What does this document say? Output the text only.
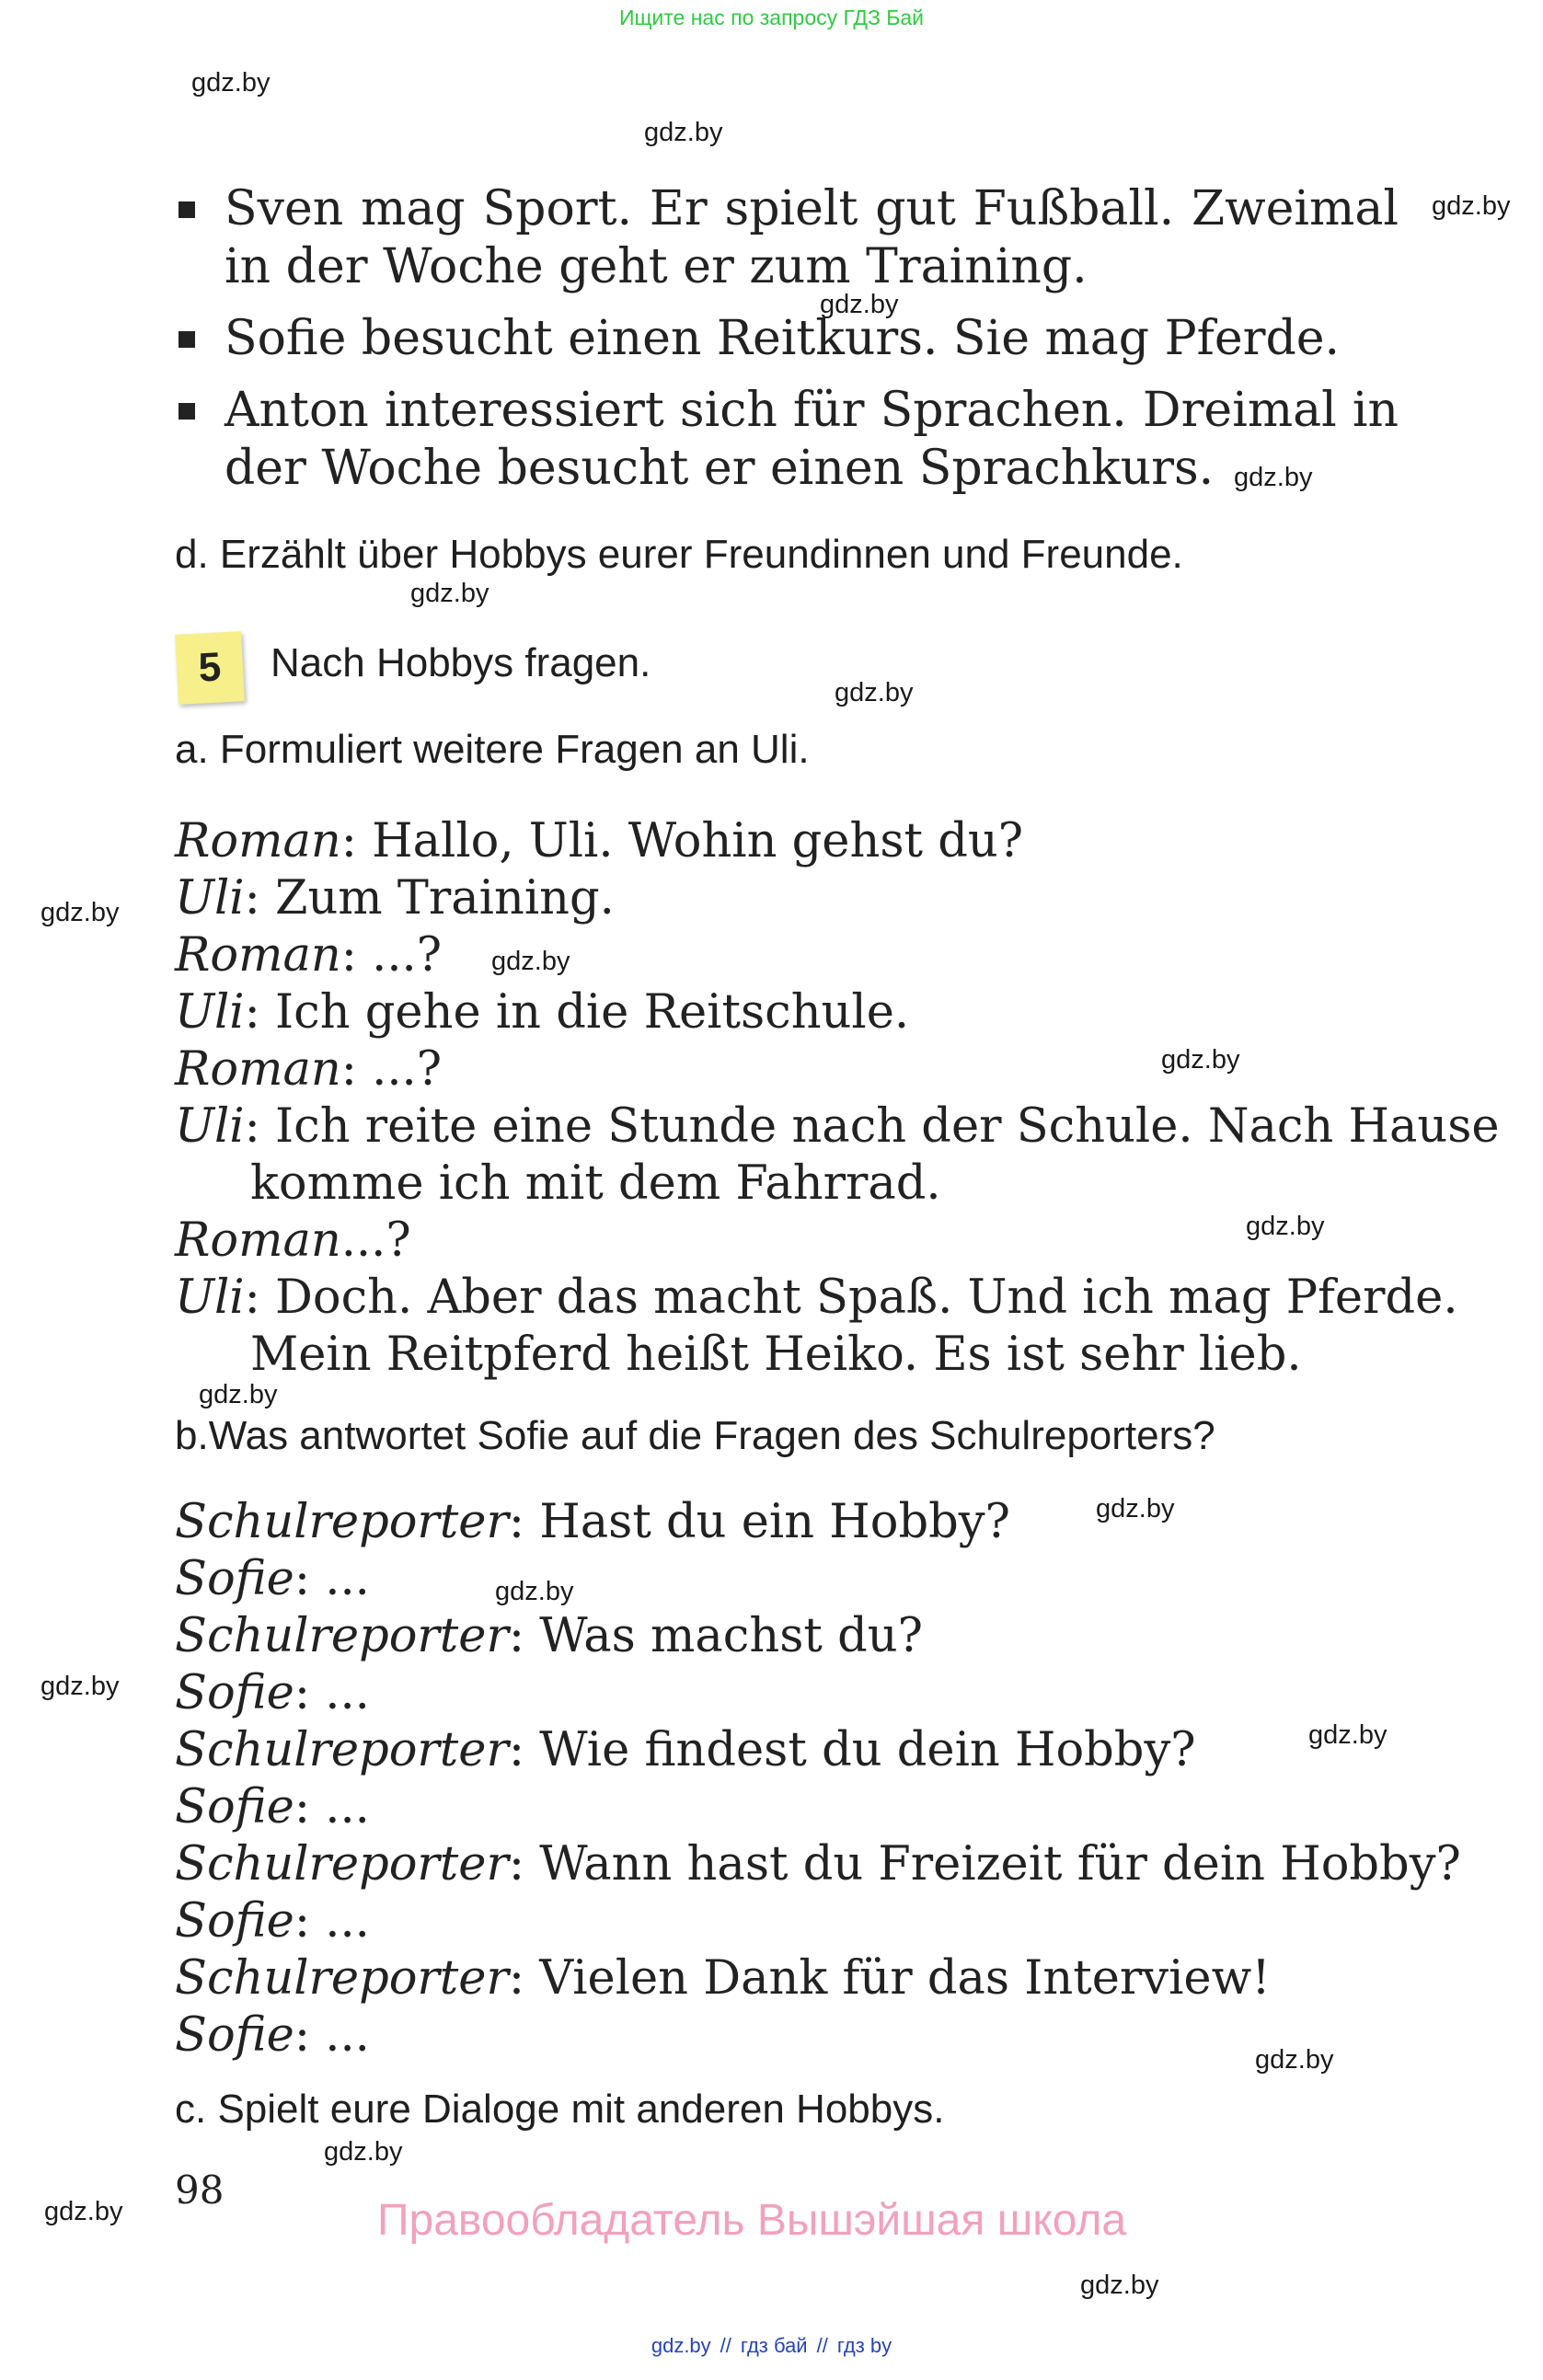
Ищите нас по запросу ГДЗ Бай
gdz.by
gdz.by
gdz.by
gdz.by
gdz.by
gdz.by
gdz.by
gdz.by
gdz.by
gdz.by
gdz.by
gdz.by
gdz.by
gdz.by
gdz.by
gdz.by
gdz.by
gdz.by
gdz.by
gdz.by
Sven mag Sport. Er spielt gut Fußball. Zweimal in der Woche geht er zum Training.
Sofie besucht einen Reitkurs. Sie mag Pferde.
Anton interessiert sich für Sprachen. Dreimal in der Woche besucht er einen Sprachkurs.
d. Erzählt über Hobbys eurer Freundinnen und Freunde.
5 Nach Hobbys fragen.
a. Formuliert weitere Fragen an Uli.
Roman: Hallo, Uli. Wohin gehst du?
Uli: Zum Training.
Roman: ...?
Uli: Ich gehe in die Reitschule.
Roman: ...?
Uli: Ich reite eine Stunde nach der Schule. Nach Hause
komme ich mit dem Fahrrad.
Roman...?
Uli: Doch. Aber das macht Spaß. Und ich mag Pferde.
Mein Reitpferd heißt Heiko. Es ist sehr lieb.
b.Was antwortet Sofie auf die Fragen des Schulreporters?
Schulreporter: Hast du ein Hobby?
Sofie: ...
Schulreporter: Was machst du?
Sofie: ...
Schulreporter: Wie findest du dein Hobby?
Sofie: ...
Schulreporter: Wann hast du Freizeit für dein Hobby?
Sofie: ...
Schulreporter: Vielen Dank für das Interview!
Sofie: ...
c. Spielt eure Dialoge mit anderen Hobbys.
98
Правообладатель Вышэйшая школа
gdz.by // гдз бай // гдз by
